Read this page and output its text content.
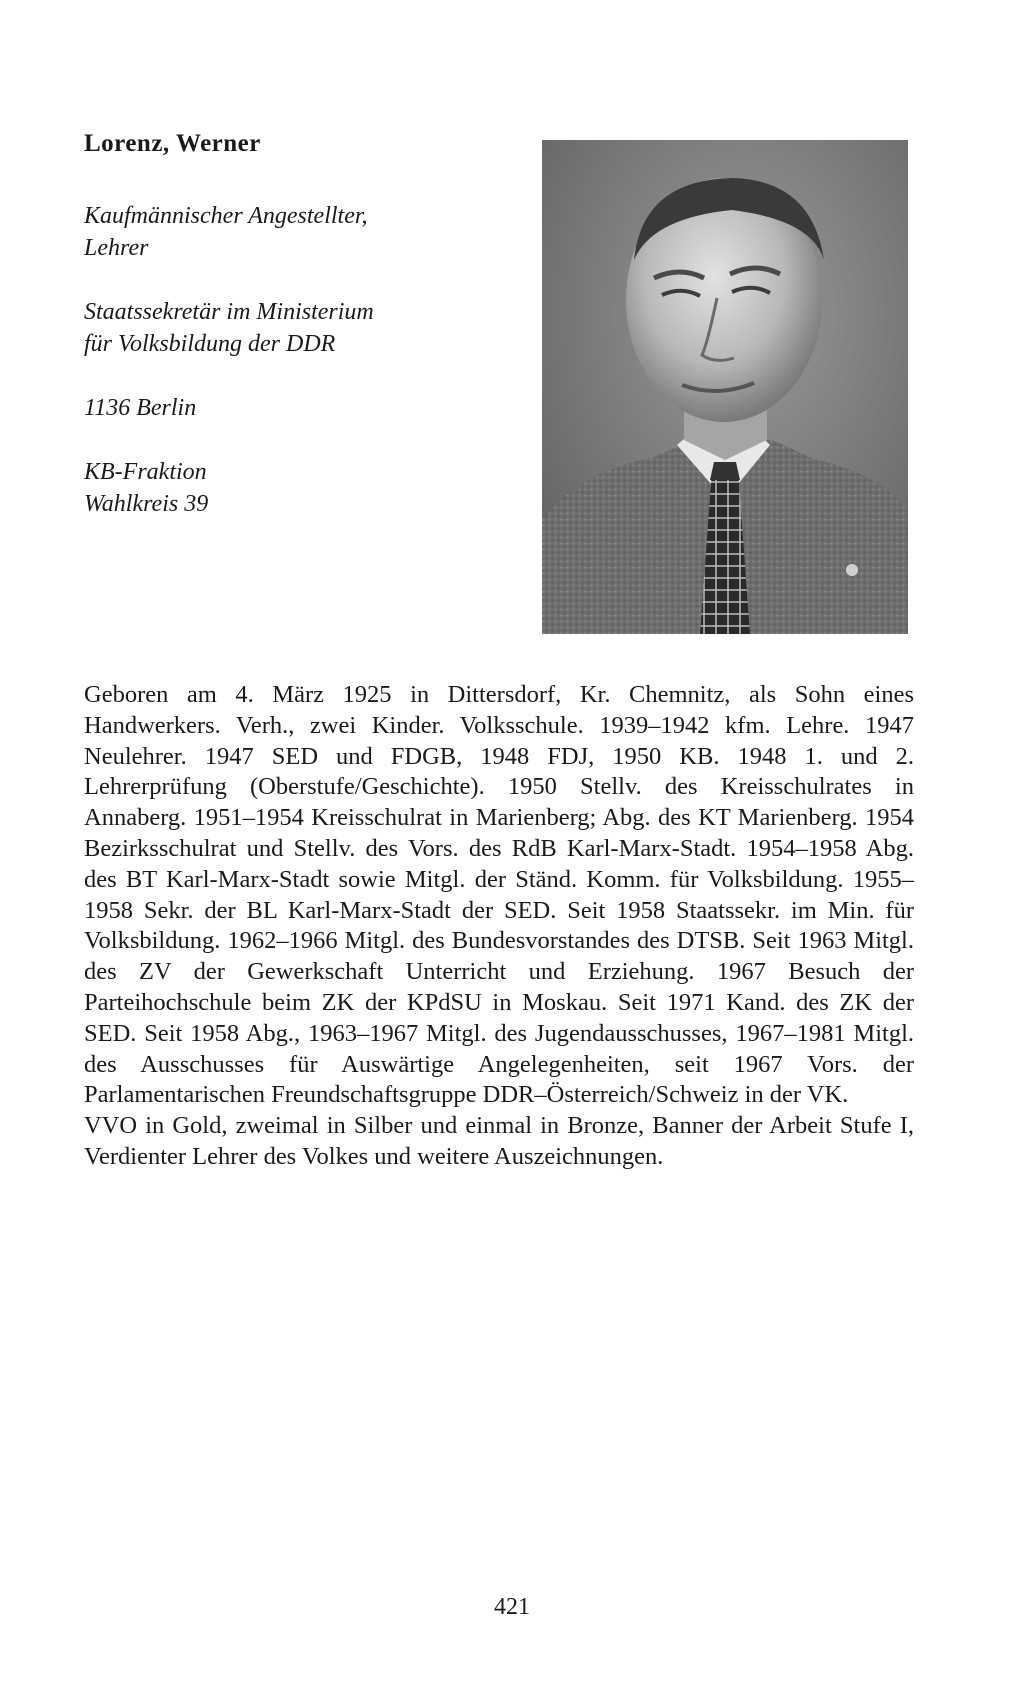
Lorenz, Werner
Kaufmännischer Angestellter,
Lehrer
Staatssekretär im Ministerium
für Volksbildung der DDR
1136 Berlin
KB-Fraktion
Wahlkreis 39

Geboren am 4. März 1925 in Dittersdorf, Kr. Chemnitz, als Sohn eines Handwerkers. Verh., zwei Kinder. Volksschule. 1939–1942 kfm. Lehre. 1947 Neulehrer. 1947 SED und FDGB, 1948 FDJ, 1950 KB. 1948 1. und 2. Lehrerprüfung (Oberstufe/Geschichte). 1950 Stellv. des Kreisschulrates in Annaberg. 1951–1954 Kreisschulrat in Marienberg; Abg. des KT Marienberg. 1954 Bezirksschulrat und Stellv. des Vors. des RdB Karl-Marx-Stadt. 1954–1958 Abg. des BT Karl-Marx-Stadt sowie Mitgl. der Ständ. Komm. für Volksbildung. 1955–1958 Sekr. der BL Karl-Marx-Stadt der SED. Seit 1958 Staatssekr. im Min. für Volksbildung. 1962–1966 Mitgl. des Bundesvorstandes des DTSB. Seit 1963 Mitgl. des ZV der Gewerkschaft Unterricht und Erziehung. 1967 Besuch der Parteihochschule beim ZK der KPdSU in Moskau. Seit 1971 Kand. des ZK der SED. Seit 1958 Abg., 1963–1967 Mitgl. des Jugendausschusses, 1967–1981 Mitgl. des Ausschusses für Auswärtige Angelegenheiten, seit 1967 Vors. der Parlamentarischen Freundschaftsgruppe DDR–Österreich/Schweiz in der VK.

VVO in Gold, zweimal in Silber und einmal in Bronze, Banner der Arbeit Stufe I, Verdienter Lehrer des Volkes und weitere Auszeichnungen.

421
